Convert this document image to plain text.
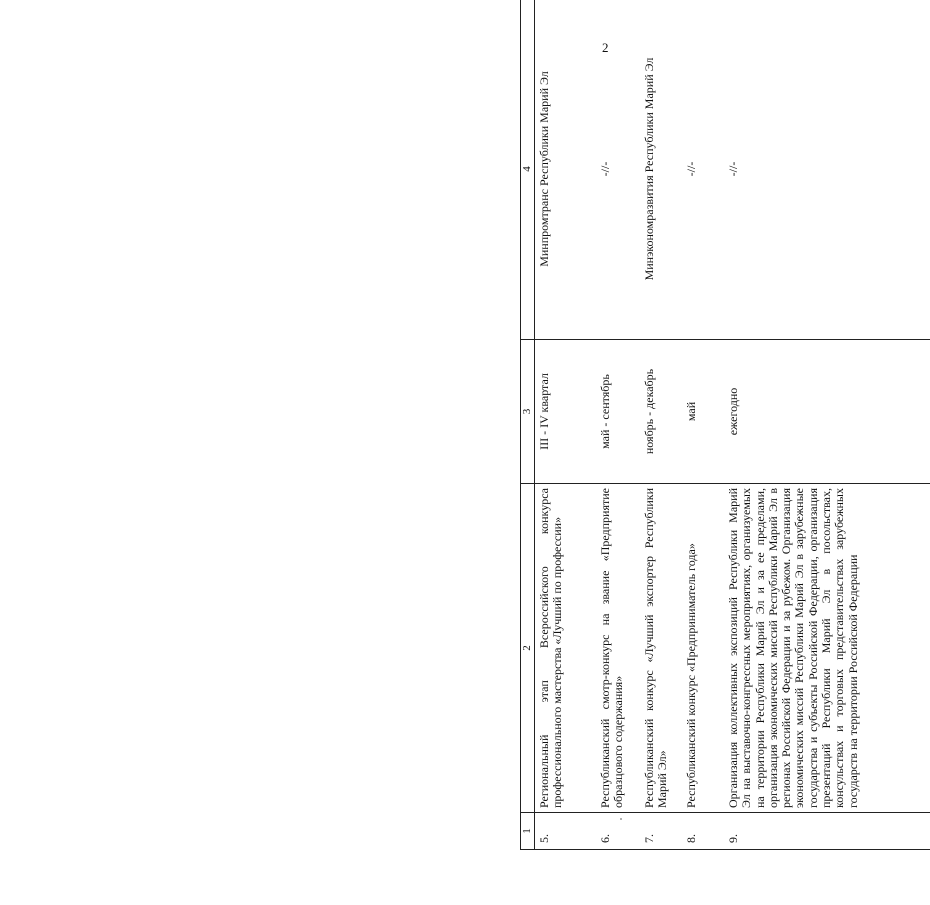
2
1	2	3	4
5.	Региональный этап Всероссийского конкурса профессионального мастерства «Лучший по профессии»	III - IV квартал	Минпромтранс Республики Марий Эл
6.	Республиканский смотр-конкурс на звание «Предприятие образцового содержания»	май - сентябрь	-//-
7.	Республиканский конкурс «Лучший экспортер Республики Марий Эл»	ноябрь - декабрь	Минэкономразвития Республики Марий Эл
8.	Республиканский конкурс «Предприниматель года»	май	-//-
9.	Организация коллективных экспозиций Республики Марий Эл на выставочно-конгрессных мероприятиях, организуемых на территории Республики Марий Эл и за ее пределами, организация экономических миссий Республики Марий Эл в регионах Российской Федерации и за рубежом. Организация экономических миссий Республики Марий Эл в зарубежные государства и субъекты Российской Федерации, организация презентаций Республики Марий Эл в посольствах, консульствах и торговых представительствах зарубежных государств на территории Российской Федерации	ежегодно	-//-
